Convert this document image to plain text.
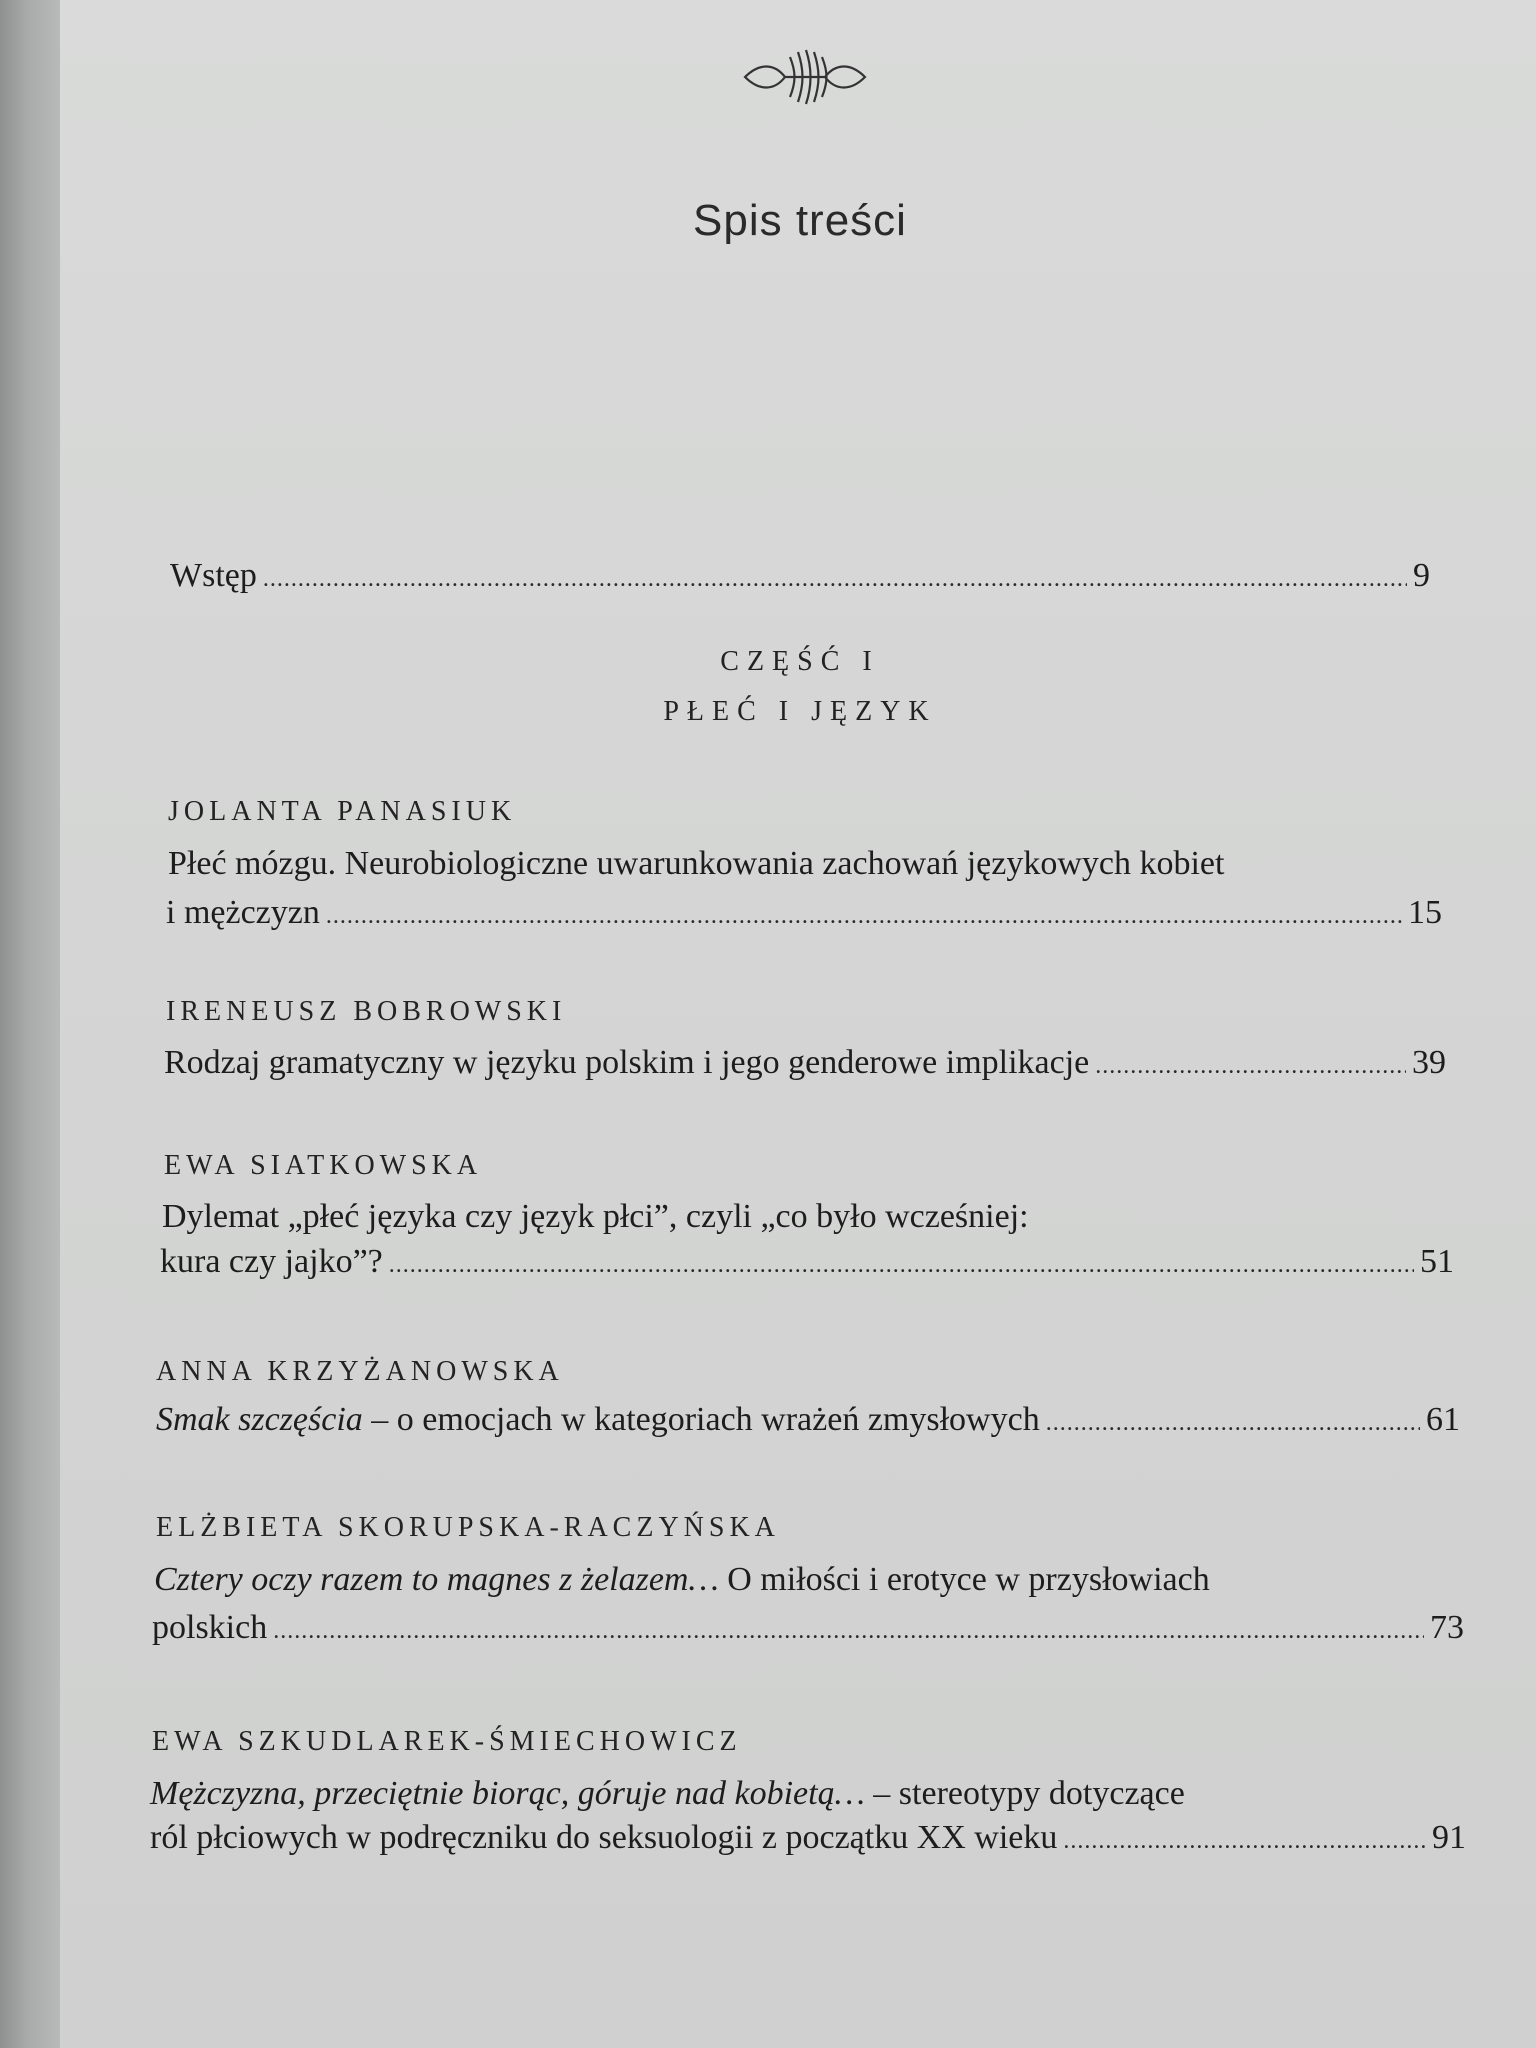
Spis treści
Wstęp .....	9
CZĘŚĆ I
PŁEĆ I JĘZYK
JOLANTA PANASIUK
Płeć mózgu. Neurobiologiczne uwarunkowania zachowań językowych kobiet
i mężczyzn .....	15
IRENEUSZ BOBROWSKI
Rodzaj gramatyczny w języku polskim i jego genderowe implikacje .....	39
EWA SIATKOWSKA
Dylemat „płeć języka czy język płci”, czyli „co było wcześniej:
kura czy jajko”? .....	51
ANNA KRZYŻANOWSKA
Smak szczęścia – o emocjach w kategoriach wrażeń zmysłowych .....	61
ELŻBIETA SKORUPSKA-RACZYŃSKA
Cztery oczy razem to magnes z żelazem… O miłości i erotyce w przysłowiach
polskich .....	73
EWA SZKUDLAREK-ŚMIECHOWICZ
Mężczyzna, przeciętnie biorąc, góruje nad kobietą… – stereotypy dotyczące
ról płciowych w podręczniku do seksuologii z początku XX wieku .....	91
